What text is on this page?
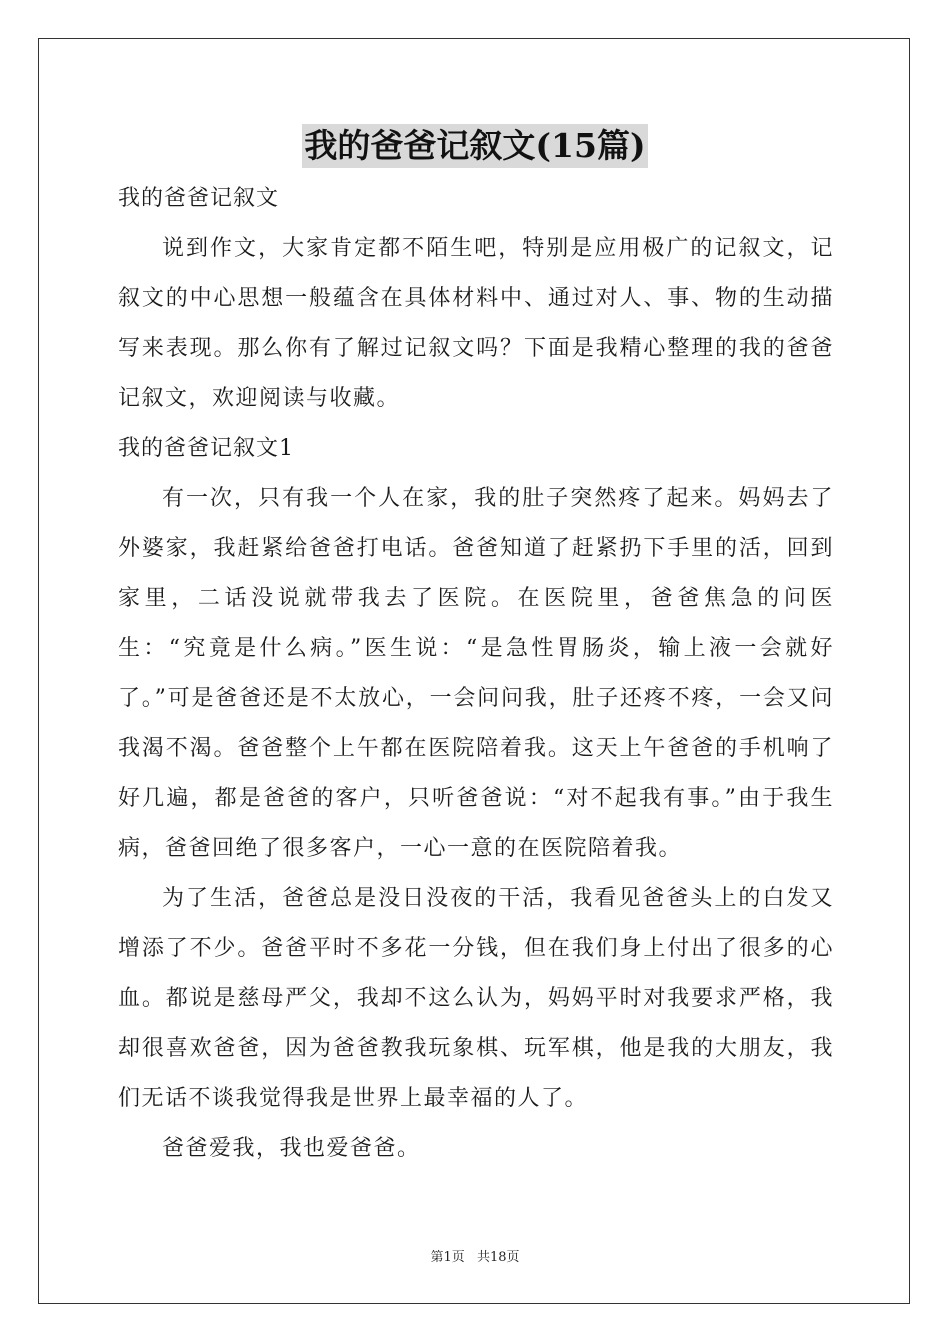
我的爸爸记叙文(15篇)

我的爸爸记叙文

说到作文，大家肯定都不陌生吧，特别是应用极广的记叙文，记叙文的中心思想一般蕴含在具体材料中、通过对人、事、物的生动描写来表现。那么你有了解过记叙文吗？下面是我精心整理的我的爸爸记叙文，欢迎阅读与收藏。

我的爸爸记叙文1

有一次，只有我一个人在家，我的肚子突然疼了起来。妈妈去了外婆家，我赶紧给爸爸打电话。爸爸知道了赶紧扔下手里的活，回到家里，二话没说就带我去了医院。在医院里，爸爸焦急的问医生：“究竟是什么病。”医生说：“是急性胃肠炎，输上液一会就好了。”可是爸爸还是不太放心，一会问问我，肚子还疼不疼，一会又问我渴不渴。爸爸整个上午都在医院陪着我。这天上午爸爸的手机响了好几遍，都是爸爸的客户，只听爸爸说：“对不起我有事。”由于我生病，爸爸回绝了很多客户，一心一意的在医院陪着我。

为了生活，爸爸总是没日没夜的干活，我看见爸爸头上的白发又增添了不少。爸爸平时不多花一分钱，但在我们身上付出了很多的心血。都说是慈母严父，我却不这么认为，妈妈平时对我要求严格，我却很喜欢爸爸，因为爸爸教我玩象棋、玩军棋，他是我的大朋友，我们无话不谈我觉得我是世界上最幸福的人了。

爸爸爱我，我也爱爸爸。

第1页 共18页
